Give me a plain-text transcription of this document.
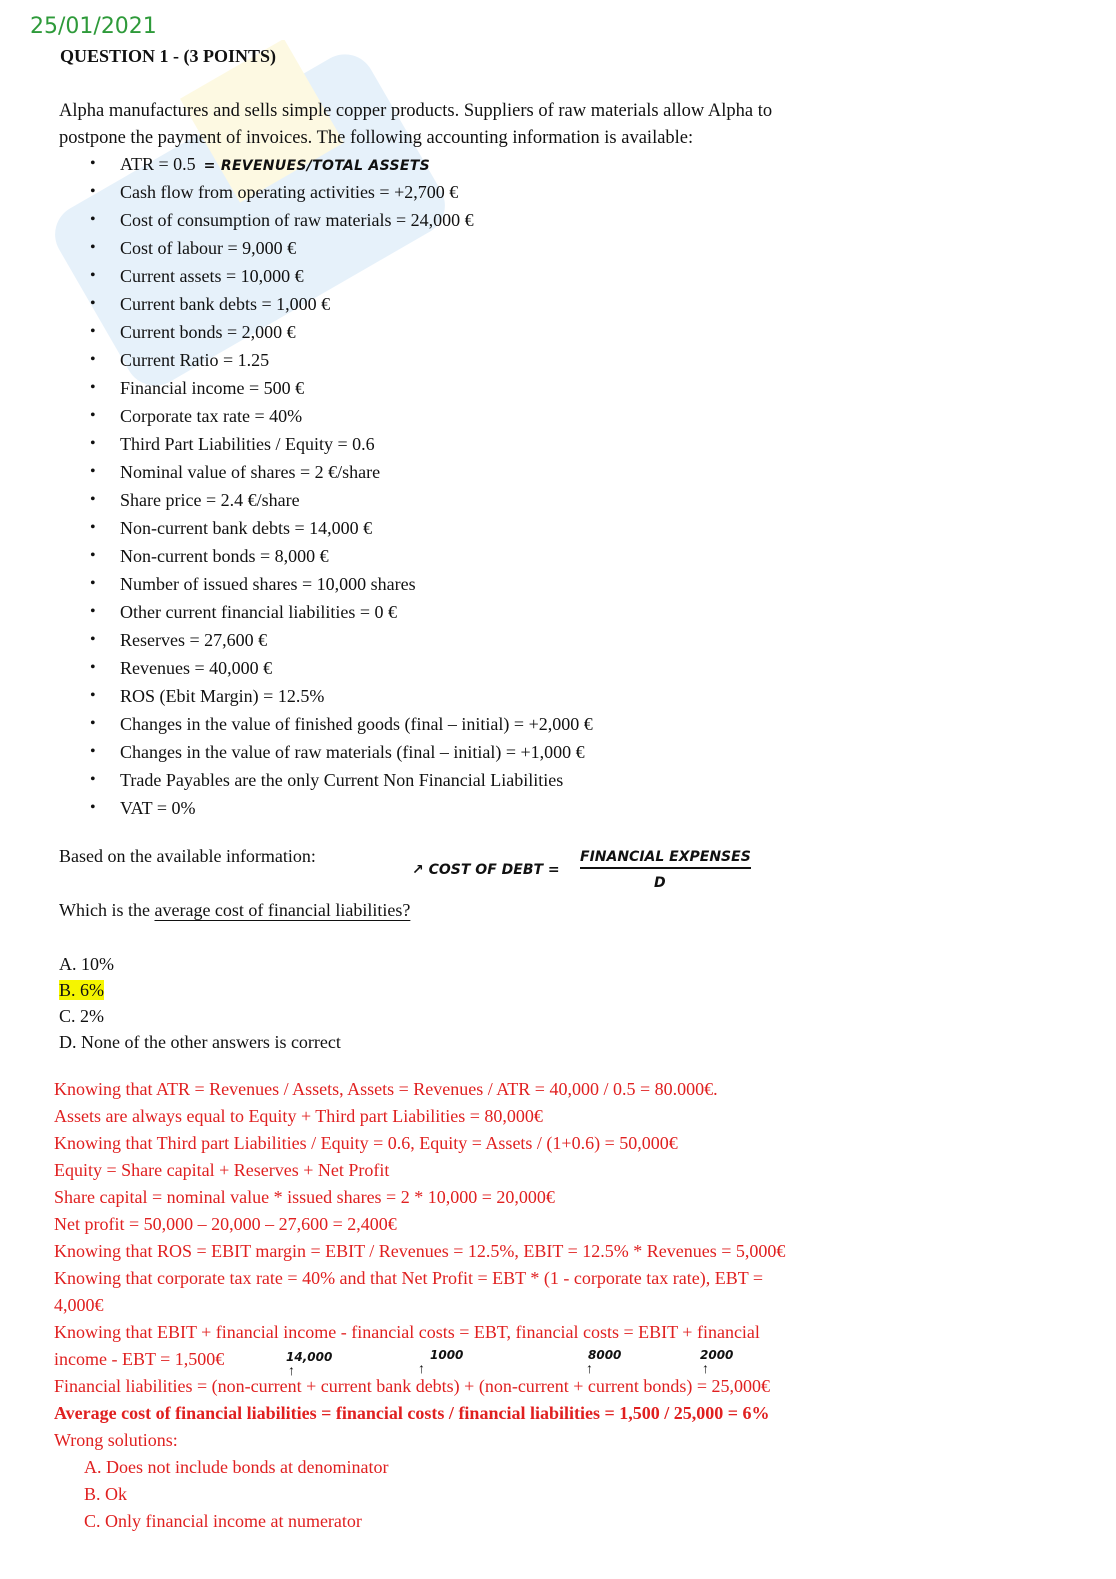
25/01/2021
QUESTION 1 - (3 POINTS)
Alpha manufactures and sells simple copper products. Suppliers of raw materials allow Alpha to
postpone the payment of invoices. The following accounting information is available:
• ATR = 0.5 = REVENUES/TOTAL ASSETS
• Cash flow from operating activities = +2,700 €
• Cost of consumption of raw materials = 24,000 €
• Cost of labour = 9,000 €
• Current assets = 10,000 €
• Current bank debts = 1,000 €
• Current bonds = 2,000 €
• Current Ratio = 1.25
• Financial income = 500 €
• Corporate tax rate = 40%
• Third Part Liabilities / Equity = 0.6
• Nominal value of shares = 2 €/share
• Share price = 2.4 €/share
• Non-current bank debts = 14,000 €
• Non-current bonds = 8,000 €
• Number of issued shares = 10,000 shares
• Other current financial liabilities = 0 €
• Reserves = 27,600 €
• Revenues = 40,000 €
• ROS (Ebit Margin) = 12.5%
• Changes in the value of finished goods (final – initial) = +2,000 €
• Changes in the value of raw materials (final – initial) = +1,000 €
• Trade Payables are the only Current Non Financial Liabilities
• VAT = 0%
Based on the available information:
↗ COST OF DEBT =
FINANCIAL EXPENSES
D
Which is the average cost of financial liabilities?
A. 10%
B. 6%
C. 2%
D. None of the other answers is correct
Knowing that ATR = Revenues / Assets, Assets = Revenues / ATR = 40,000 / 0.5 = 80.000€.
Assets are always equal to Equity + Third part Liabilities = 80,000€
Knowing that Third part Liabilities / Equity = 0.6, Equity = Assets / (1+0.6) = 50,000€
Equity = Share capital + Reserves + Net Profit
Share capital = nominal value * issued shares = 2 * 10,000 = 20,000€
Net profit = 50,000 – 20,000 – 27,600 = 2,400€
Knowing that ROS = EBIT margin = EBIT / Revenues = 12.5%, EBIT = 12.5% * Revenues = 5,000€
Knowing that corporate tax rate = 40% and that Net Profit = EBT * (1 - corporate tax rate), EBT =
4,000€
Knowing that EBIT + financial income - financial costs = EBT, financial costs = EBIT + financial
income - EBT = 1,500€
Financial liabilities = (non-current + current bank debts) + (non-current + current bonds) = 25,000€
Average cost of financial liabilities = financial costs / financial liabilities = 1,500 / 25,000 = 6%
Wrong solutions:
A. Does not include bonds at denominator
B. Ok
C. Only financial income at numerator
14,000
↑
1000
↑
8000
↑
2000
↑
